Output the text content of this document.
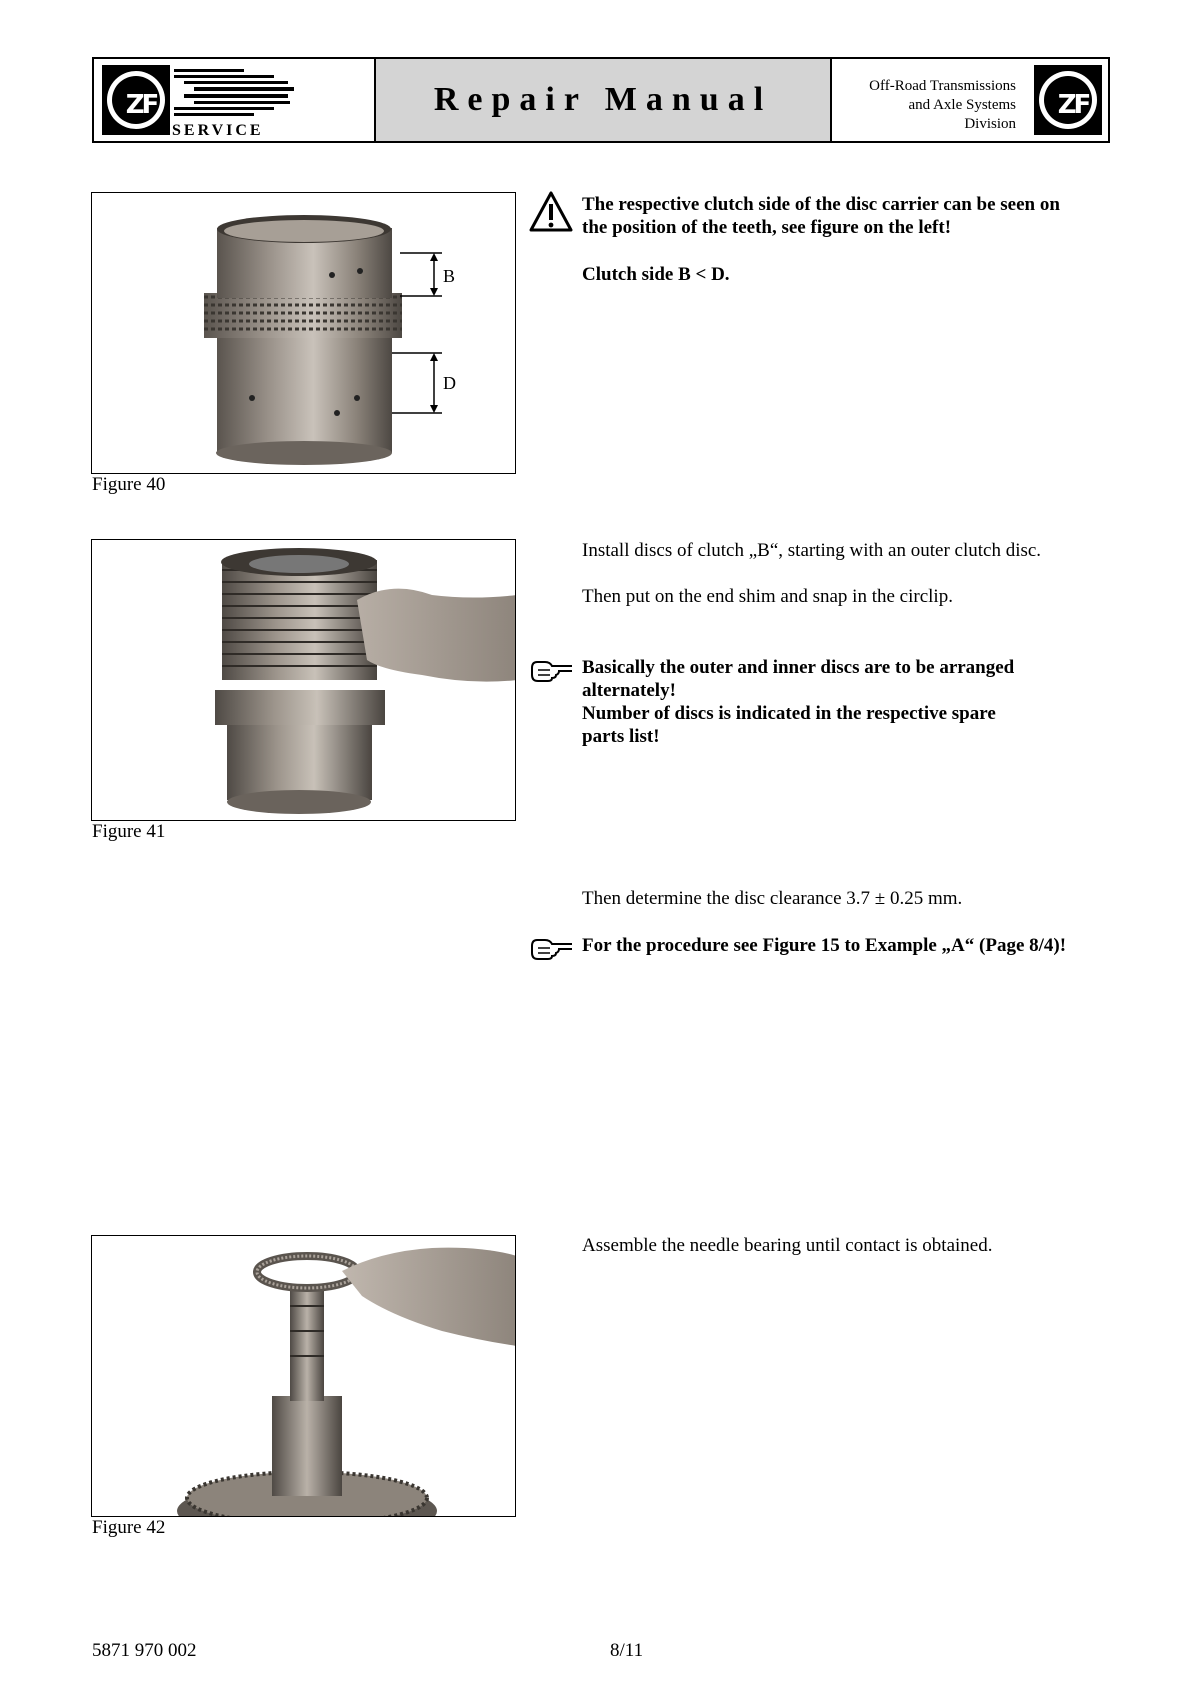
ZF
SERVICE
Repair Manual	Off-Road Transmissions
and Axle Systems
Division
ZF
B
D
Figure 40
The respective clutch side of the disc carrier can be seen on
the position of the teeth, see figure on the left!
Clutch side B < D.
Figure 41
Install discs of clutch „B“, starting with an outer clutch disc.
Then put on the end shim and snap in the circlip.
Basically the outer and inner discs are to be arranged
alternately!
Number of discs is indicated in the respective spare
parts list!
Then determine the disc clearance 3.7 ± 0.25 mm.
For the procedure see Figure 15 to Example „A“ (Page 8/4)!
Figure 42
Assemble the needle bearing until contact is obtained.
5871 970 002	8/11
